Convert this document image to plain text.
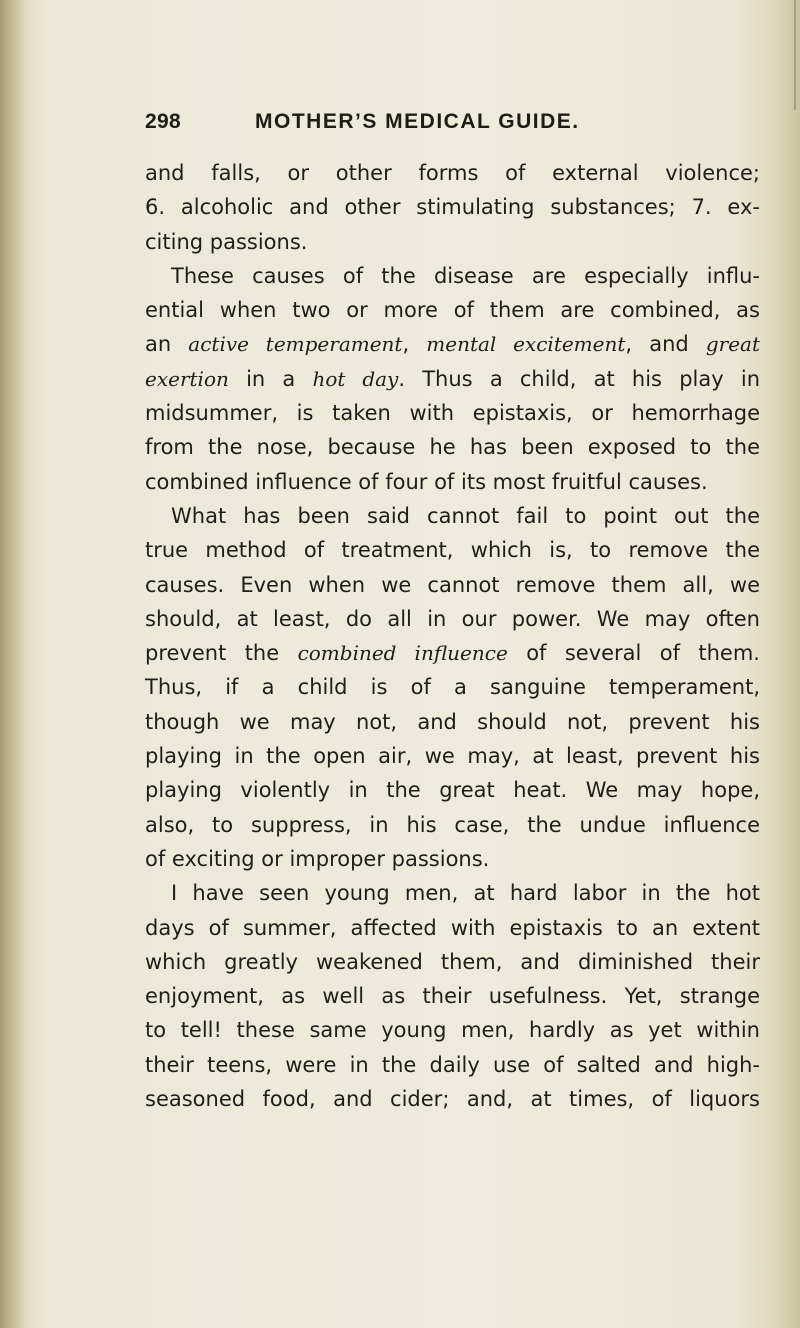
298	MOTHER’S MEDICAL GUIDE.
and falls, or other forms of external violence;
6. alcoholic and other stimulating substances; 7. ex-
citing passions.
These causes of the disease are especially influ-
ential when two or more of them are combined, as
an active temperament, mental excitement, and great
exertion in a hot day. Thus a child, at his play in
midsummer, is taken with epistaxis, or hemorrhage
from the nose, because he has been exposed to the
combined influence of four of its most fruitful causes.
What has been said cannot fail to point out the
true method of treatment, which is, to remove the
causes. Even when we cannot remove them all, we
should, at least, do all in our power. We may often
prevent the combined influence of several of them.
Thus, if a child is of a sanguine temperament,
though we may not, and should not, prevent his
playing in the open air, we may, at least, prevent his
playing violently in the great heat. We may hope,
also, to suppress, in his case, the undue influence
of exciting or improper passions.
I have seen young men, at hard labor in the hot
days of summer, affected with epistaxis to an extent
which greatly weakened them, and diminished their
enjoyment, as well as their usefulness. Yet, strange
to tell! these same young men, hardly as yet within
their teens, were in the daily use of salted and high-
seasoned food, and cider; and, at times, of liquors
